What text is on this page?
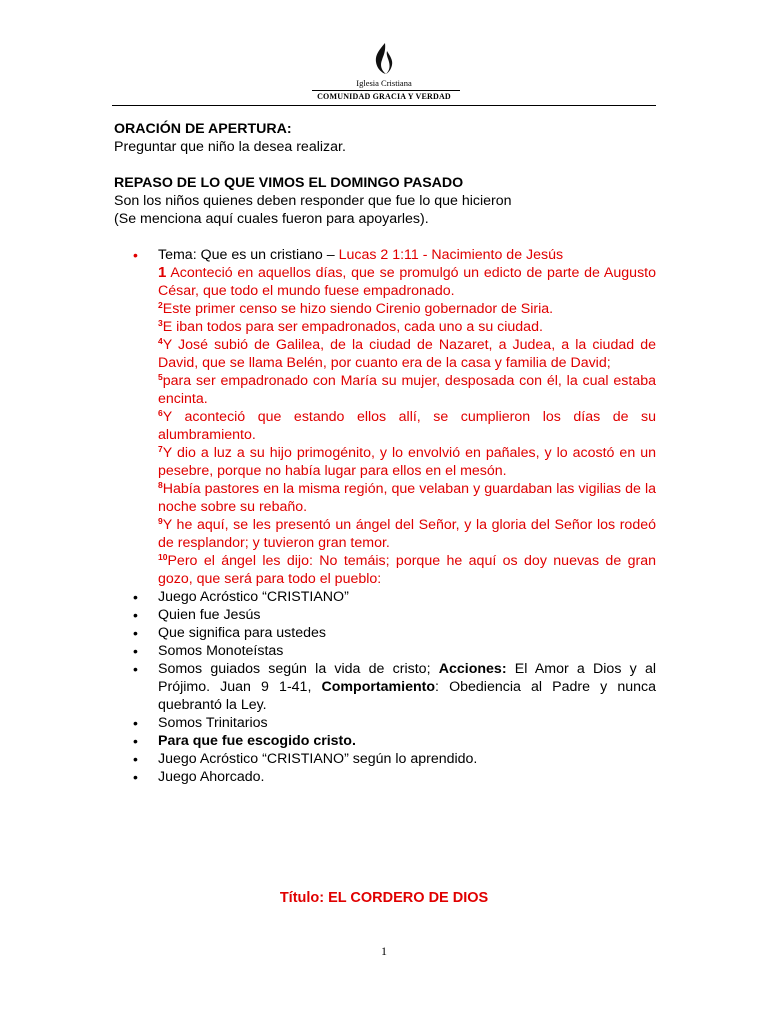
Iglesia Cristiana
COMUNIDAD GRACIA Y VERDAD
ORACIÓN DE APERTURA:
Preguntar que niño la desea realizar.
REPASO DE LO QUE VIMOS EL DOMINGO PASADO
Son los niños quienes deben responder que fue lo que hicieron
(Se menciona aquí cuales fueron para apoyarles).
• Tema: Que es un cristiano – Lucas 2 1:11 - Nacimiento de Jesús
1 Aconteció en aquellos días, que se promulgó un edicto de parte de Augusto César, que todo el mundo fuese empadronado.
$^2$Este primer censo se hizo siendo Cirenio gobernador de Siria.
$^3$E iban todos para ser empadronados, cada uno a su ciudad.
$^4$Y José subió de Galilea, de la ciudad de Nazaret, a Judea, a la ciudad de David, que se llama Belén, por cuanto era de la casa y familia de David;
$^5$para ser empadronado con María su mujer, desposada con él, la cual estaba encinta.
$^6$Y aconteció que estando ellos allí, se cumplieron los días de su alumbramiento.
$^7$Y dio a luz a su hijo primogénito, y lo envolvió en pañales, y lo acostó en un pesebre, porque no había lugar para ellos en el mesón.
$^8$Había pastores en la misma región, que velaban y guardaban las vigilias de la noche sobre su rebaño.
$^9$Y he aquí, se les presentó un ángel del Señor, y la gloria del Señor los rodeó de resplandor; y tuvieron gran temor.
$^{10}$Pero el ángel les dijo: No temáis; porque he aquí os doy nuevas de gran gozo, que será para todo el pueblo:
• Juego Acróstico “CRISTIANO”
• Quien fue Jesús
• Que significa para ustedes
• Somos Monoteístas
• Somos guiados según la vida de cristo; Acciones: El Amor a Dios y al Prójimo. Juan 9 1-41, Comportamiento: Obediencia al Padre y nunca quebrantó la Ley.
• Somos Trinitarios
• Para que fue escogido cristo.
• Juego Acróstico “CRISTIANO” según lo aprendido.
• Juego Ahorcado.
Título: EL CORDERO DE DIOS
1
